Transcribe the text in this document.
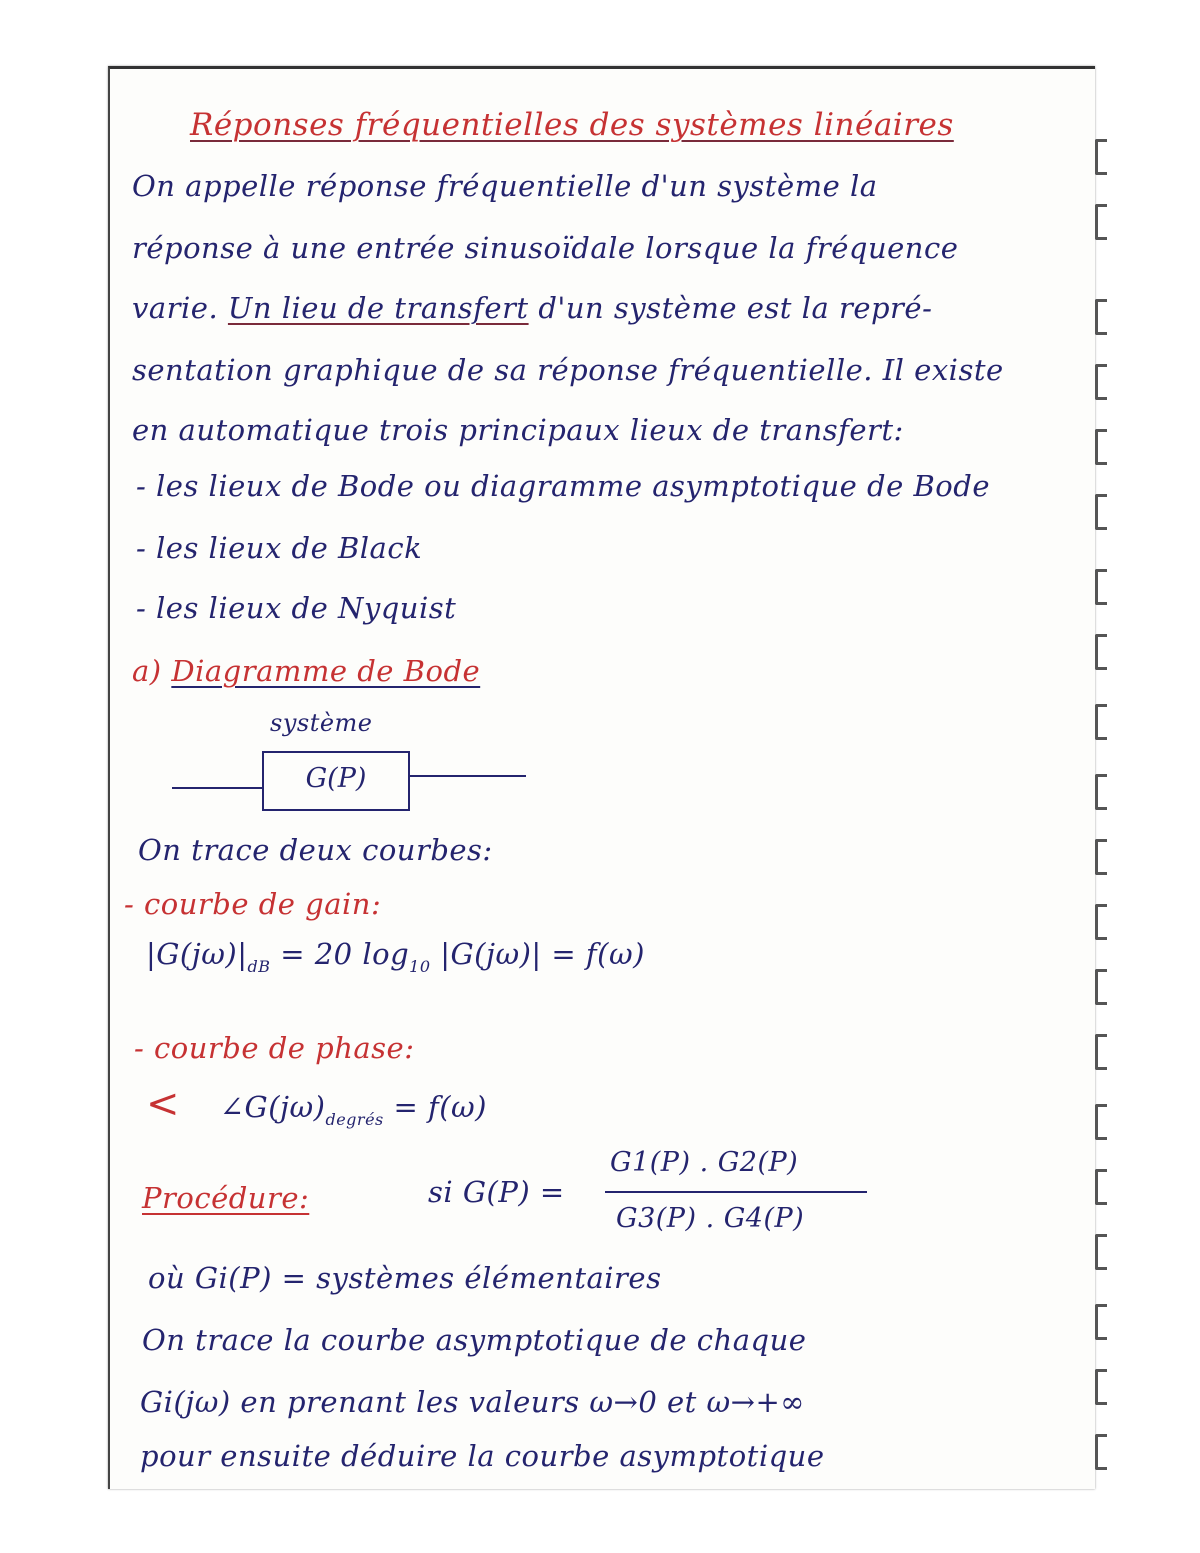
Réponses fréquentielles des systèmes linéaires
On appelle réponse fréquentielle d'un système la
réponse à une entrée sinusoïdale lorsque la fréquence
varie. Un lieu de transfert d'un système est la repré-
sentation graphique de sa réponse fréquentielle. Il existe
en automatique trois principaux lieux de transfert:
- les lieux de Bode ou diagramme asymptotique de Bode
- les lieux de Black
- les lieux de Nyquist
a) Diagramme de Bode
système
G(P)
On trace deux courbes:
- courbe de gain:
$|G(j\omega)|_{dB} = 20$ $\log_{10} |G(j\omega)| = f(\omega)$
- courbe de phase:
< $\angle G(j\omega)_{degrés} = f(\omega)$
Procédure:	si G(P) =
G1(P) . G2(P)
G3(P) . G4(P)
où Gi(P) = systèmes élémentaires
On trace la courbe asymptotique de chaque
Gi(jω) en prenant les valeurs ω→0 et ω→+∞
pour ensuite déduire la courbe asymptotique
